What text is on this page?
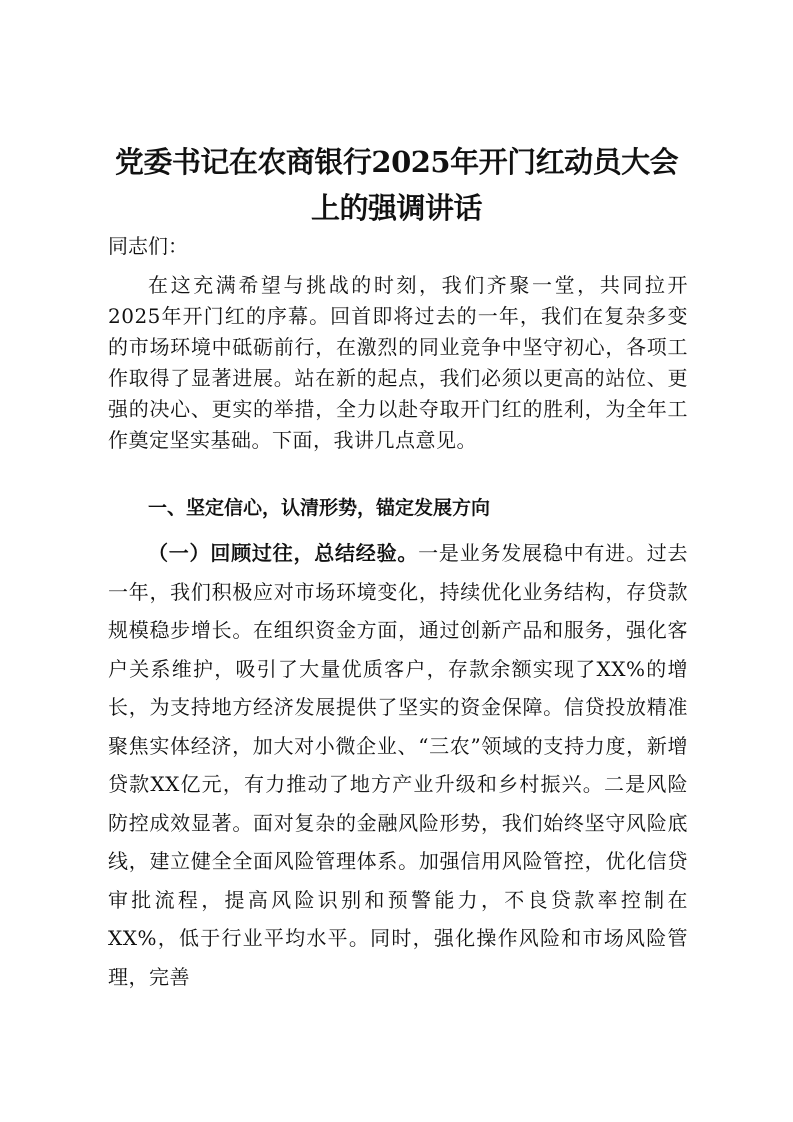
党委书记在农商银行2025年开门红动员大会
上的强调讲话

同志们：

在这充满希望与挑战的时刻，我们齐聚一堂，共同拉开2025年开门红的序幕。回首即将过去的一年，我们在复杂多变的市场环境中砥砺前行，在激烈的同业竞争中坚守初心，各项工作取得了显著进展。站在新的起点，我们必须以更高的站位、更强的决心、更实的举措，全力以赴夺取开门红的胜利，为全年工作奠定坚实基础。下面，我讲几点意见。

一、坚定信心，认清形势，锚定发展方向

（一）回顾过往，总结经验。一是业务发展稳中有进。过去一年，我们积极应对市场环境变化，持续优化业务结构，存贷款规模稳步增长。在组织资金方面，通过创新产品和服务，强化客户关系维护，吸引了大量优质客户，存款余额实现了XX%的增长，为支持地方经济发展提供了坚实的资金保障。信贷投放精准聚焦实体经济，加大对小微企业、“三农”领域的支持力度，新增贷款XX亿元，有力推动了地方产业升级和乡村振兴。二是风险防控成效显著。面对复杂的金融风险形势，我们始终坚守风险底线，建立健全全面风险管理体系。加强信用风险管控，优化信贷审批流程，提高风险识别和预警能力，不良贷款率控制在XX%，低于行业平均水平。同时，强化操作风险和市场风险管理，完善
